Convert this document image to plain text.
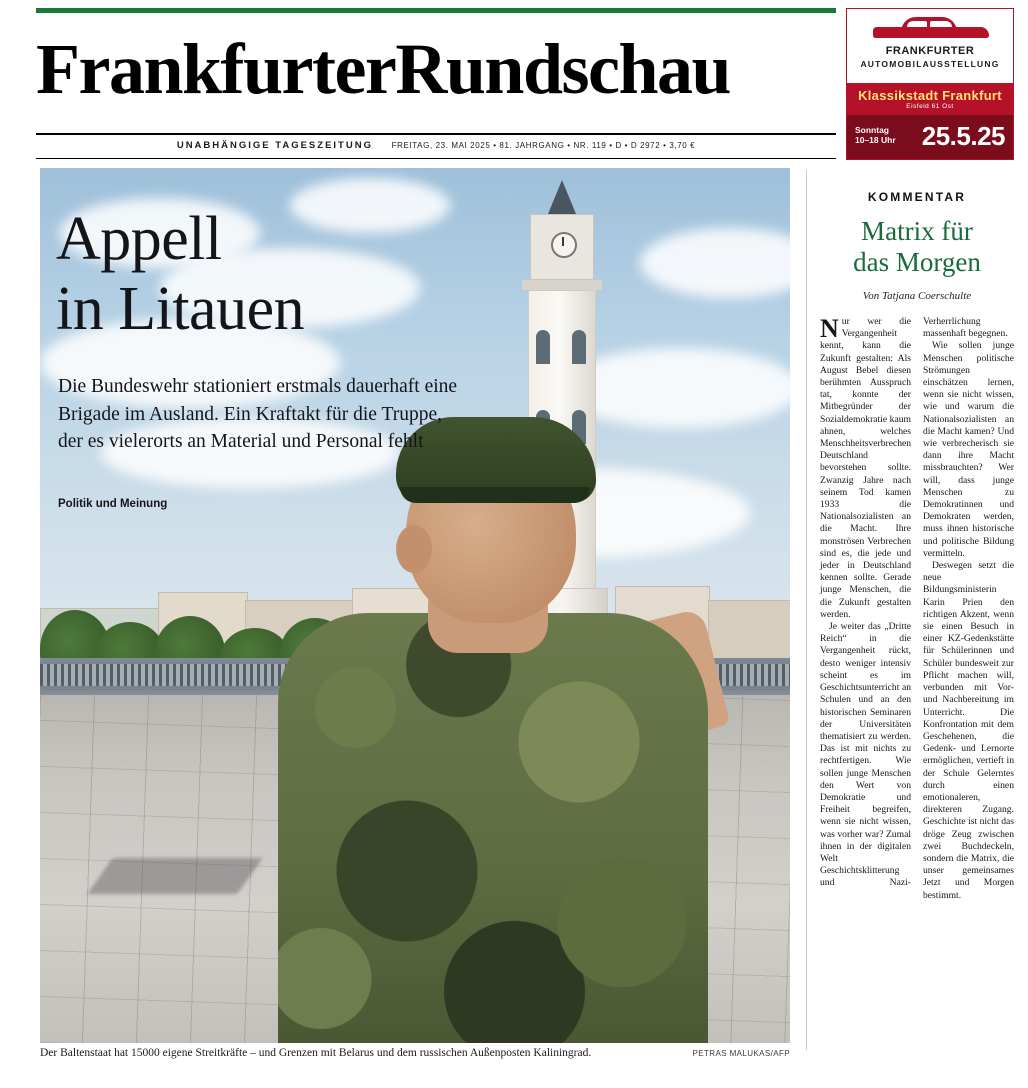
FrankfurterRundschau
UNABHÄNGIGE TAGESZEITUNG FREITAG, 23. MAI 2025 • 81. JAHRGANG • NR. 119 • D • D 2972 • 3,70 €
FRANKFURTER
AUTOMOBILAUSSTELLUNG
Klassikstadt Frankfurt
Eisfeld 61 Ost
Sonntag
10–18 Uhr 25.5.25
Appell
in Litauen
Die Bundeswehr stationiert erstmals dauerhaft eine Brigade im Ausland. Ein Kraftakt für die Truppe, der es vielerorts an Material und Personal fehlt
Politik und Meinung
PETRAS MALUKAS/AFP
Der Baltenstaat hat 15000 eigene Streitkräfte – und Grenzen mit Belarus und dem russischen Außenposten Kaliningrad.
KOMMENTAR
Matrix für
das Morgen
Von Tatjana Coerschulte

Nur wer die Vergangenheit kennt, kann die Zukunft gestalten: Als August Bebel diesen berühmten Ausspruch tat, konnte der Mitbegründer der Sozialdemokratie kaum ahnen, welches Menschheitsverbrechen Deutschland bevorstehen sollte. Zwanzig Jahre nach seinem Tod kamen 1933 die Nationalsozialisten an die Macht. Ihre monströsen Verbrechen sind es, die jede und jeder in Deutschland kennen sollte. Gerade junge Menschen, die die Zukunft gestalten werden.

Je weiter das „Dritte Reich“ in die Vergangenheit rückt, desto weniger intensiv scheint es im Geschichtsunterricht an Schulen und an den historischen Seminaren der Universitäten thematisiert zu werden. Das ist mit nichts zu rechtfertigen. Wie sollen junge Menschen den Wert von Demokratie und Freiheit begreifen, wenn sie nicht wissen, was vorher war? Zumal ihnen in der digitalen Welt Geschichtsklitterung und Nazi-Verherrlichung massenhaft begegnen.

Wie sollen junge Menschen politische Strömungen einschätzen lernen, wenn sie nicht wissen, wie und warum die Nationalsozialisten an die Macht kamen? Und wie verbrecherisch sie dann ihre Macht missbrauchten? Wer will, dass junge Menschen zu Demokratinnen und Demokraten werden, muss ihnen historische und politische Bildung vermitteln.

Deswegen setzt die neue Bildungsministerin Karin Prien den richtigen Akzent, wenn sie einen Besuch in einer KZ-Gedenkstätte für Schülerinnen und Schüler bundesweit zur Pflicht machen will, verbunden mit Vor- und Nachbereitung im Unterricht. Die Konfrontation mit dem Geschehenen, die Gedenk- und Lernorte ermöglichen, vertieft in der Schule Gelerntes durch einen emotionaleren, direkteren Zugang. Geschichte ist nicht das dröge Zeug zwischen zwei Buchdeckeln, sondern die Matrix, die unser gemeinsames Jetzt und Morgen bestimmt.
